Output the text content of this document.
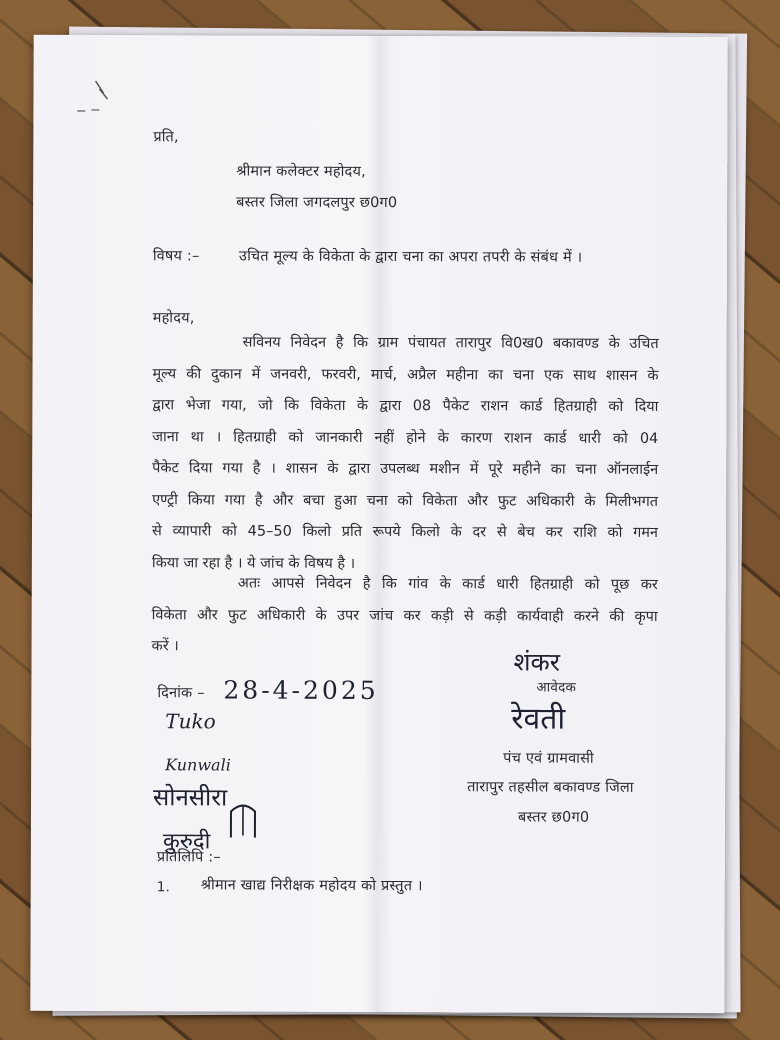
प्रति,
श्रीमान कलेक्टर महोदय,
बस्तर जिला जगदलपुर छ0ग0
विषय :–	उचित मूल्य के विकेता के द्वारा चना का अपरा तपरी के संबंध में ।
महोदय,
सविनय निवेदन है कि ग्राम पंचायत तारापुर वि0ख0 बकावण्ड के उचित
मूल्य की दुकान में जनवरी, फरवरी, मार्च, अप्रैल महीना का चना एक साथ शासन के
द्वारा भेजा गया, जो कि विकेता के द्वारा 08 पैकेट राशन कार्ड हितग्राही को दिया
जाना था । हितग्राही को जानकारी नहीं होने के कारण राशन कार्ड धारी को 04
पैकेट दिया गया है । शासन के द्वारा उपलब्ध मशीन में पूरे महीने का चना ऑनलाईन
एण्ट्री किया गया है और बचा हुआ चना को विकेता और फुट अधिकारी के मिलीभगत
से व्यापारी को 45–50 किलो प्रति रूपये किलो के दर से बेच कर राशि को गमन
किया जा रहा है । ये जांच के विषय है ।
अतः आपसे निवेदन है कि गांव के कार्ड धारी हितग्राही को पूछ कर
विकेता और फुट अधिकारी के उपर जांच कर कड़ी से कड़ी कार्यवाही करने की कृपा
करें ।
दिनांक – 28-4-2025
शंकर
आवेदक
रेवती
पंच एवं ग्रामवासी
तारापुर तहसील बकावण्ड जिला
बस्तर छ0ग0
Tuko
Kunwali
सोनसीरा
कुरुदी
प्रतिलिपि :–
1. श्रीमान खाद्य निरीक्षक महोदय को प्रस्तुत ।
